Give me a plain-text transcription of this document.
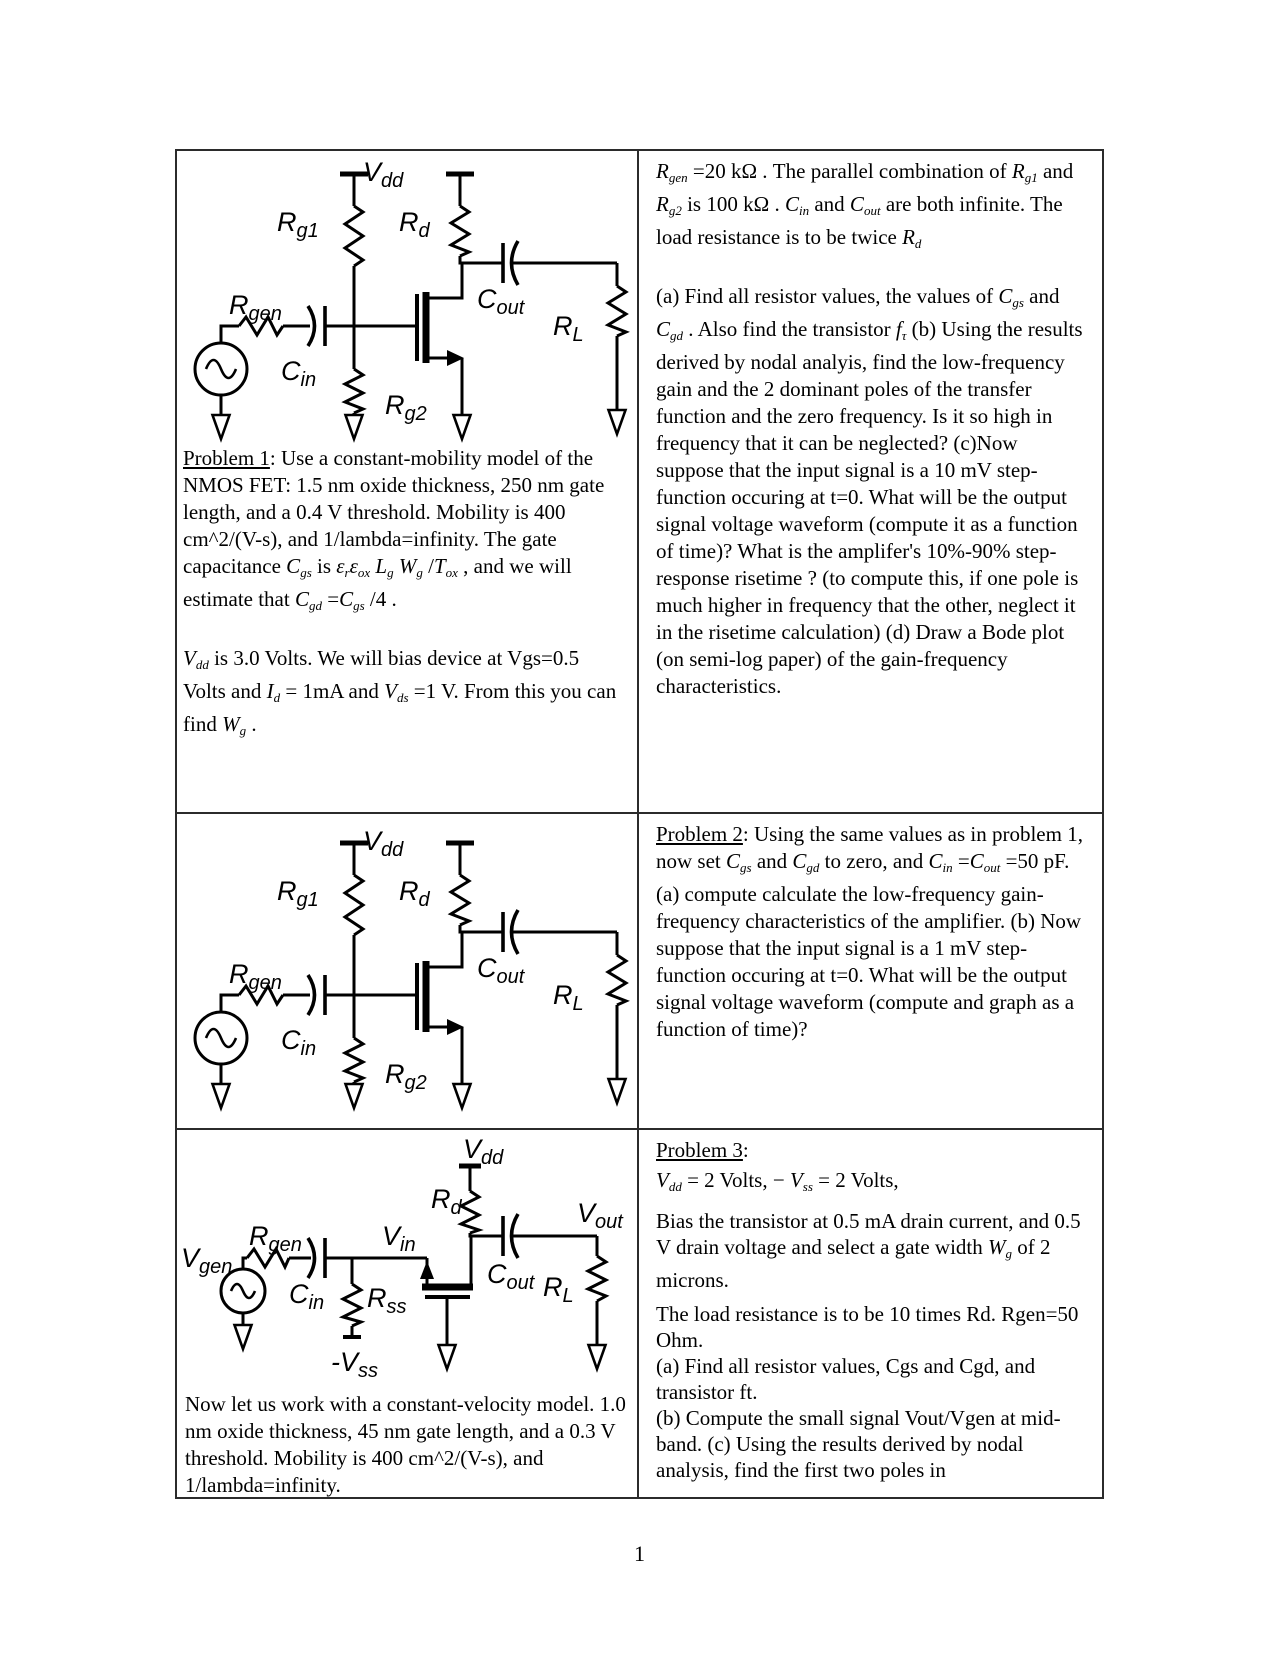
$V_{dd}$
$R_{g1}$	$R_d$
$R_{gen}$
$C_{in}$
$R_{g2}$
$C_{out}$
$R_L$

Problem 1: Use a constant-mobility model of the NMOS FET: 1.5 nm oxide thickness, 250 nm gate length, and a 0.4 V threshold. Mobility is 400 cm^2/(V-s), and 1/lambda=infinity. The gate capacitance Cgs is εrεox Lg Wg /Tox , and we will estimate that Cgd =Cgs /4 .

Vdd is 3.0 Volts. We will bias device at Vgs=0.5 Volts and Id = 1mA and Vds =1 V. From this you can find Wg .

Rgen =20 kΩ . The parallel combination of Rg1 and Rg2 is 100 kΩ . Cin and Cout are both infinite. The load resistance is to be twice Rd

(a) Find all resistor values, the values of Cgs and Cgd . Also find the transistor fτ (b) Using the results derived by nodal analyis, find the low-frequency gain and the 2 dominant poles of the transfer function and the zero frequency. Is it so high in frequency that it can be neglected? (c)Now suppose that the input signal is a 10 mV step-function occuring at t=0. What will be the output signal voltage waveform (compute it as a function of time)? What is the amplifer's 10%-90% step-response risetime ? (to compute this, if one pole is much higher in frequency that the other, neglect it in the risetime calculation) (d) Draw a Bode plot (on semi-log paper) of the gain-frequency characteristics.

$V_{dd}$
$R_{g1}$	$R_d$
$R_{gen}$
$C_{in}$
$R_{g2}$
$C_{out}$
$R_L$

Problem 2: Using the same values as in problem 1, now set Cgs and Cgd to zero, and Cin =Cout =50 pF. (a) compute calculate the low-frequency gain-frequency characteristics of the amplifier. (b) Now suppose that the input signal is a 1 mV step-function occuring at t=0. What will be the output signal voltage waveform (compute and graph as a function of time)?

$V_{dd}$
$R_d$	$V_{out}$
$C_{out}$ $R_L$
$V_{in}$
$R_{gen}$
$V_{gen}$
$C_{in}$ $R_{ss}$
$-V_{ss}$

Now let us work with a constant-velocity model. 1.0 nm oxide thickness, 45 nm gate length, and a 0.3 V threshold. Mobility is 400 cm^2/(V-s), and 1/lambda=infinity.

Problem 3:

Vdd = 2 Volts, − Vss = 2 Volts,

Bias the transistor at 0.5 mA drain current, and 0.5 V drain voltage and select a gate width Wg of 2 microns.

The load resistance is to be 10 times Rd. Rgen=50 Ohm.

(a) Find all resistor values, Cgs and Cgd, and transistor ft.

(b) Compute the small signal Vout/Vgen at mid-band. (c) Using the results derived by nodal analysis, find the first two poles in

1
